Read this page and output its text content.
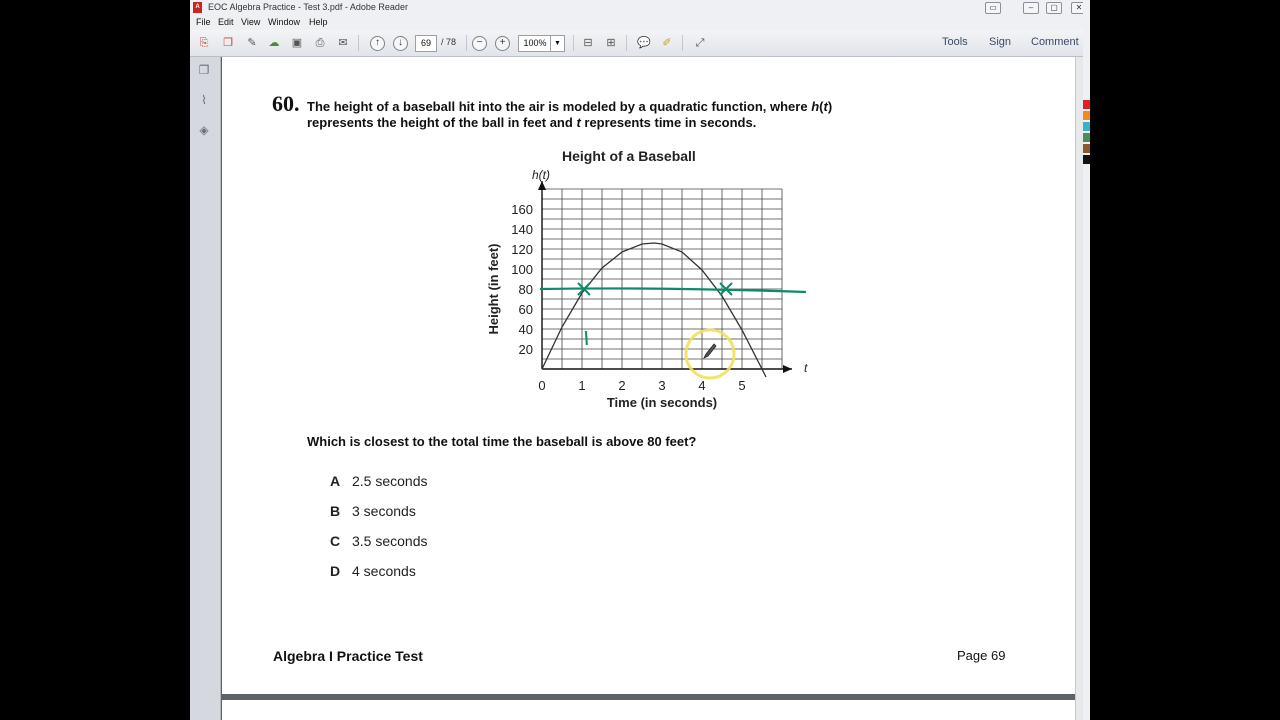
A EOC Algebra Practice - Test 3.pdf - Adobe Reader	▭	–	▢	✕
File Edit View Window Help
⎘	❐	✎	☁ ▣	⎙	✉	↑	↓	69	/ 78	−	+	100%	▼	⊟	⊞	💬	✐	⤢	Tools Sign Comment
❐
⌇
◈
60. The height of a baseball hit into the air is modeled by a quadratic function, where h(t)
represents the height of the ball in feet and t represents time in seconds.
Height of a Baseball
0	1	2	3	4	5
20
40
60
80
100
120
140
160
t
h(t)
Time (in seconds)
Height (in feet)
Which is closest to the total time the baseball is above 80 feet?
A 2.5 seconds
B 3 seconds
C 3.5 seconds
D 4 seconds
Algebra I Practice Test	Page 69
